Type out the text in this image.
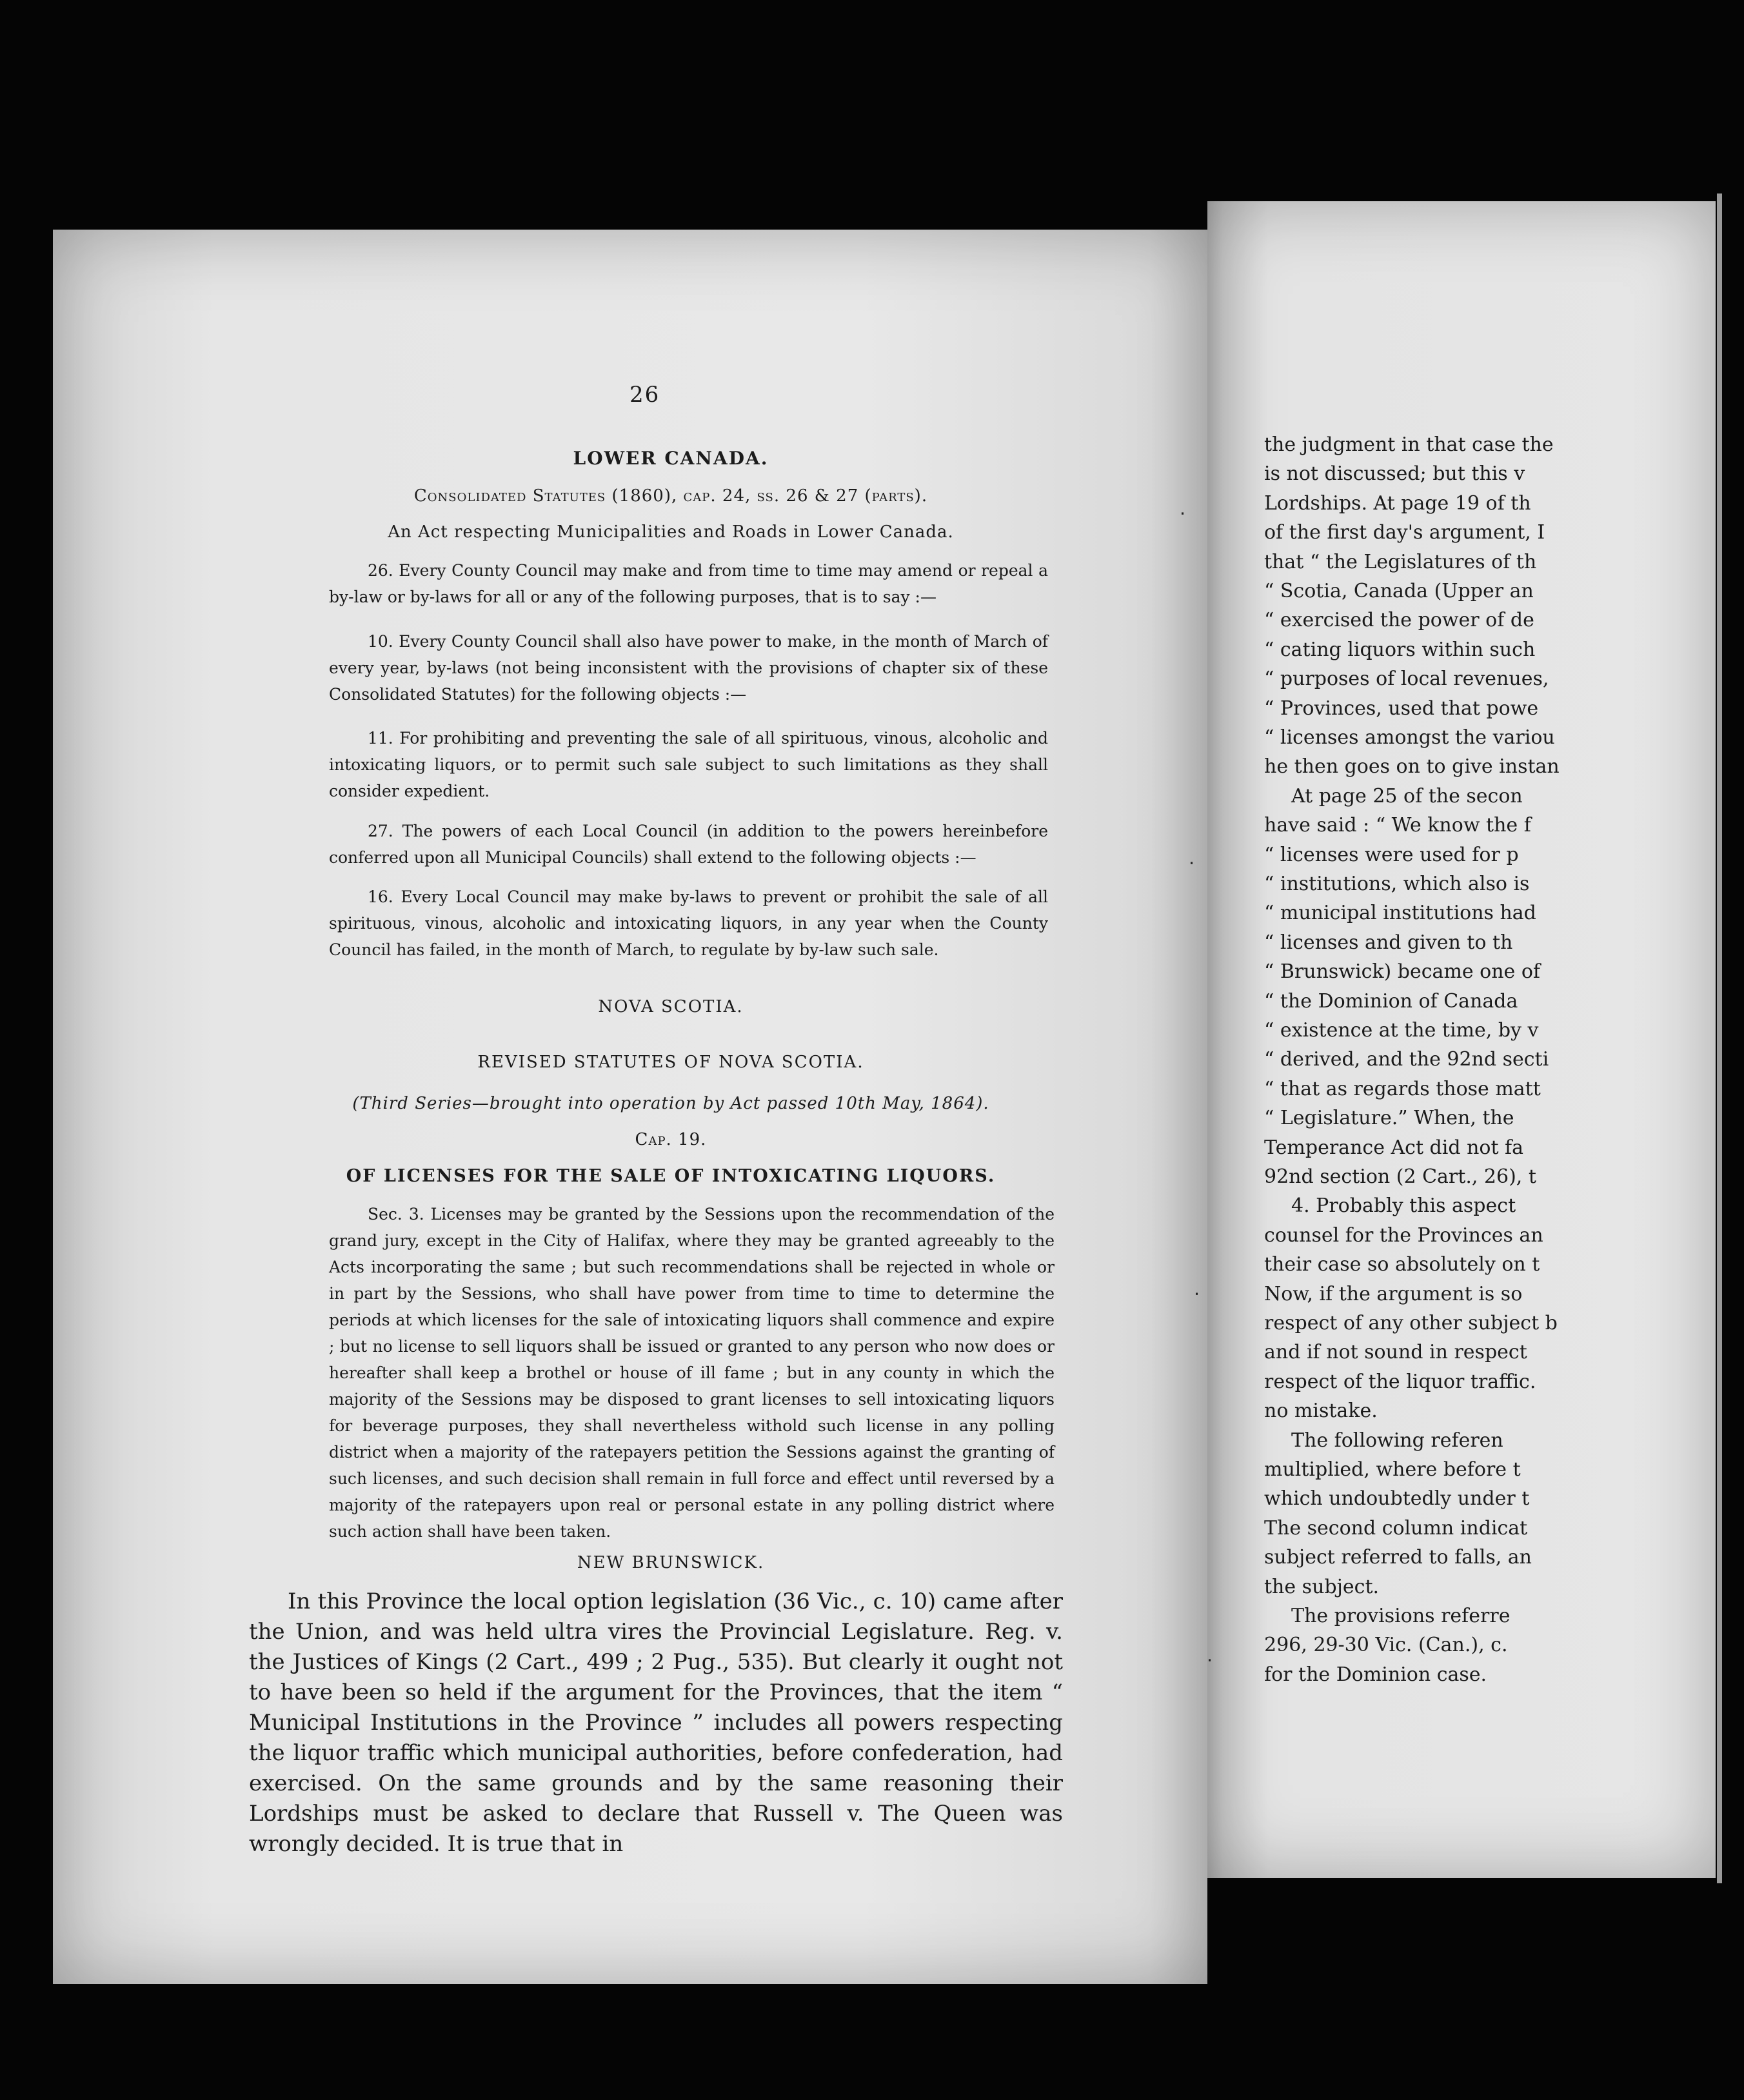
the judgment in that case the
is not discussed; but this v
Lordships. At page 19 of th
of the first day's argument, I
that “ the Legislatures of th
“ Scotia, Canada (Upper an
“ exercised the power of de
“ cating liquors within such
“ purposes of local revenues,
“ Provinces, used that powe
“ licenses amongst the variou
he then goes on to give instan
At page 25 of the secon
have said : “ We know the f
“ licenses were used for p
“ institutions, which also is
“ municipal institutions had
“ licenses and given to th
“ Brunswick) became one of
“ the Dominion of Canada
“ existence at the time, by v
“ derived, and the 92nd secti
“ that as regards those matt
“ Legislature.” When, the
Temperance Act did not fa
92nd section (2 Cart., 26), t
4. Probably this aspect
counsel for the Provinces an
their case so absolutely on t
Now, if the argument is so
respect of any other subject b
and if not sound in respect
respect of the liquor traffic.
no mistake.
The following referen
multiplied, where before t
which undoubtedly under t
The second column indicat
subject referred to falls, an
the subject.
The provisions referre
296, 29-30 Vic. (Can.), c.
for the Dominion case.
26
LOWER CANADA.
Consolidated Statutes (1860), cap. 24, ss. 26 & 27 (parts).
An Act respecting Municipalities and Roads in Lower Canada.

26. Every County Council may make and from time to time may amend or repeal a by-law or by-laws for all or any of the following purposes, that is to say :—

10. Every County Council shall also have power to make, in the month of March of every year, by-laws (not being inconsistent with the provisions of chapter six of these Consolidated Statutes) for the following objects :—

11. For prohibiting and preventing the sale of all spirituous, vinous, alcoholic and intoxicating liquors, or to permit such sale subject to such limitations as they shall consider expedient.

27. The powers of each Local Council (in addition to the powers hereinbefore conferred upon all Municipal Councils) shall extend to the following objects :—

16. Every Local Council may make by-laws to prevent or prohibit the sale of all spirituous, vinous, alcoholic and intoxicating liquors, in any year when the County Council has failed, in the month of March, to regulate by by-law such sale.

NOVA SCOTIA.
REVISED STATUTES OF NOVA SCOTIA.
(Third Series—brought into operation by Act passed 10th May, 1864).
Cap. 19.
OF LICENSES FOR THE SALE OF INTOXICATING LIQUORS.

Sec. 3. Licenses may be granted by the Sessions upon the recommendation of the grand jury, except in the City of Halifax, where they may be granted agreeably to the Acts incorporating the same ; but such recommendations shall be rejected in whole or in part by the Sessions, who shall have power from time to time to determine the periods at which licenses for the sale of intoxicating liquors shall commence and expire ; but no license to sell liquors shall be issued or granted to any person who now does or hereafter shall keep a brothel or house of ill fame ; but in any county in which the majority of the Sessions may be disposed to grant licenses to sell intoxicating liquors for beverage purposes, they shall nevertheless withold such license in any polling district when a majority of the ratepayers petition the Sessions against the granting of such licenses, and such decision shall remain in full force and effect until reversed by a majority of the ratepayers upon real or personal estate in any polling district where such action shall have been taken.

NEW BRUNSWICK.

In this Province the local option legislation (36 Vic., c. 10) came after the Union, and was held ultra vires the Provincial Legislature. Reg. v. the Justices of Kings (2 Cart., 499 ; 2 Pug., 535). But clearly it ought not to have been so held if the argument for the Provinces, that the item “ Municipal Institutions in the Province ” includes all powers respecting the liquor traffic which municipal authorities, before confederation, had exercised. On the same grounds and by the same reasoning their Lordships must be asked to declare that Russell v. The Queen was wrongly decided. It is true that in

٠
٠
٠
٠
